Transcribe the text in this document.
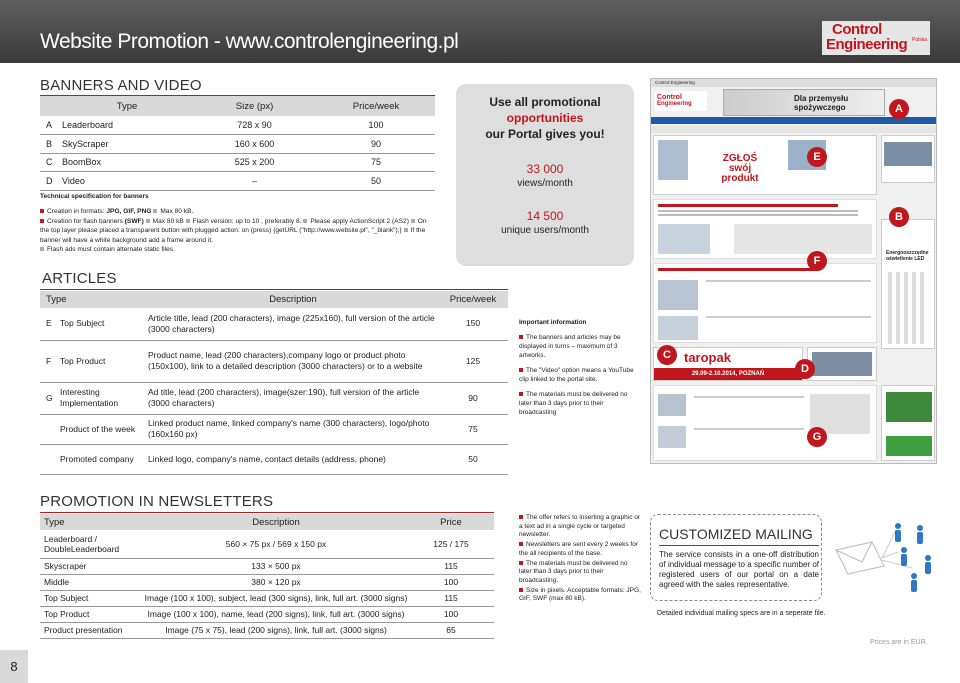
Website Promotion - www.controlengineering.pl
Control
Engineering Polska
BANNERS AND VIDEO
	Type	Size (px)	Price/week
A	Leaderboard	728 x 90	100
B	SkyScraper	160 x 600	90
C	BoomBox	525 x 200	75
D	Video	–	50
Technical specification for banners
Creation in formats: JPG, GIF, PNG Max 80 kB.
Creation for flash banners (SWF) Max 80 kB Flash version: up to 10 , preferably 8. Please apply ActionScript 2 (AS2) On the top layer please placed a transparent button with plugged action: on (press) {getURL ("http://www.website.pl", "_blank");} If the banner will have a white background add a frame around it.
Flash ads must contain alternate static files.
Use all promotional
opportunities
our Portal gives you!
33 000
views/month
14 500
unique users/month
ARTICLES
Type		Description	Price/week
E	Top Subject	Article title, lead (200 characters), image (225x160), full version of the article (3000 characters)	150
F	Top Product	Product name, lead (200 characters),company logo or product photo (150x100), link to a detailed description (3000 characters) or to a website	125
G	Interesting Implementation	Ad title, lead (200 characters), image(szer:190), full version of the article (3000 characters)	90
	Product of the week	Linked product name, linked company's name (300 characters), logo/photo (160x160 px)	75
	Promoted company	Linked logo, company's name, contact details (address, phone)	50
Important information
The banners and articles may be displayed in turns – maximum of 3 artworks.
The "Video" option means a YouTube clip linked to the portal site.
The materials must be delivered no later than 3 days prior to their broadcasting
Control Engineering
Control
Engineering
Dla przemysłu spożywczego
ZGŁOŚ swój produkt
Energooszczędne oświetlenie LED
taropak
29.09-2.10.2014, POZNAŃ
A
B
C
D
E
F
G
PROMOTION IN NEWSLETTERS
Type	Description	Price
Leaderboard / DoubleLeaderboard	560 × 75 px / 569 x 150 px	125 / 175
Skyscraper	133 × 500 px	115
Middle	380 × 120 px	100
Top Subject	Image (100 x 100), subject, lead (300 signs), link, full art. (3000 signs)	115
Top Product	Image (100 x 100), name, lead (200 signs), link, full art. (3000 signs)	100
Product presentation	Image (75 x 75), lead (200 signs), link, full art. (3000 signs)	65
The offer refers to inserting a graphic or a text ad in a single cycle or targeted newsletter.
Newsletters are sent every 2 weeks for the all recipients of the base.
The materials must be delivered no later than 3 days prior to their broadcasting.
Size in pixels. Acceptable formats: JPG, GIF, SWF (max 80 kB).
CUSTOMIZED MAILING
The service consists in a one-off distribution of individual message to a specific number of registered users of our portal on a date agreed with the sales representative.
Detailed individual mailing specs are in a seperate file.
Prices are in EUR.
8
